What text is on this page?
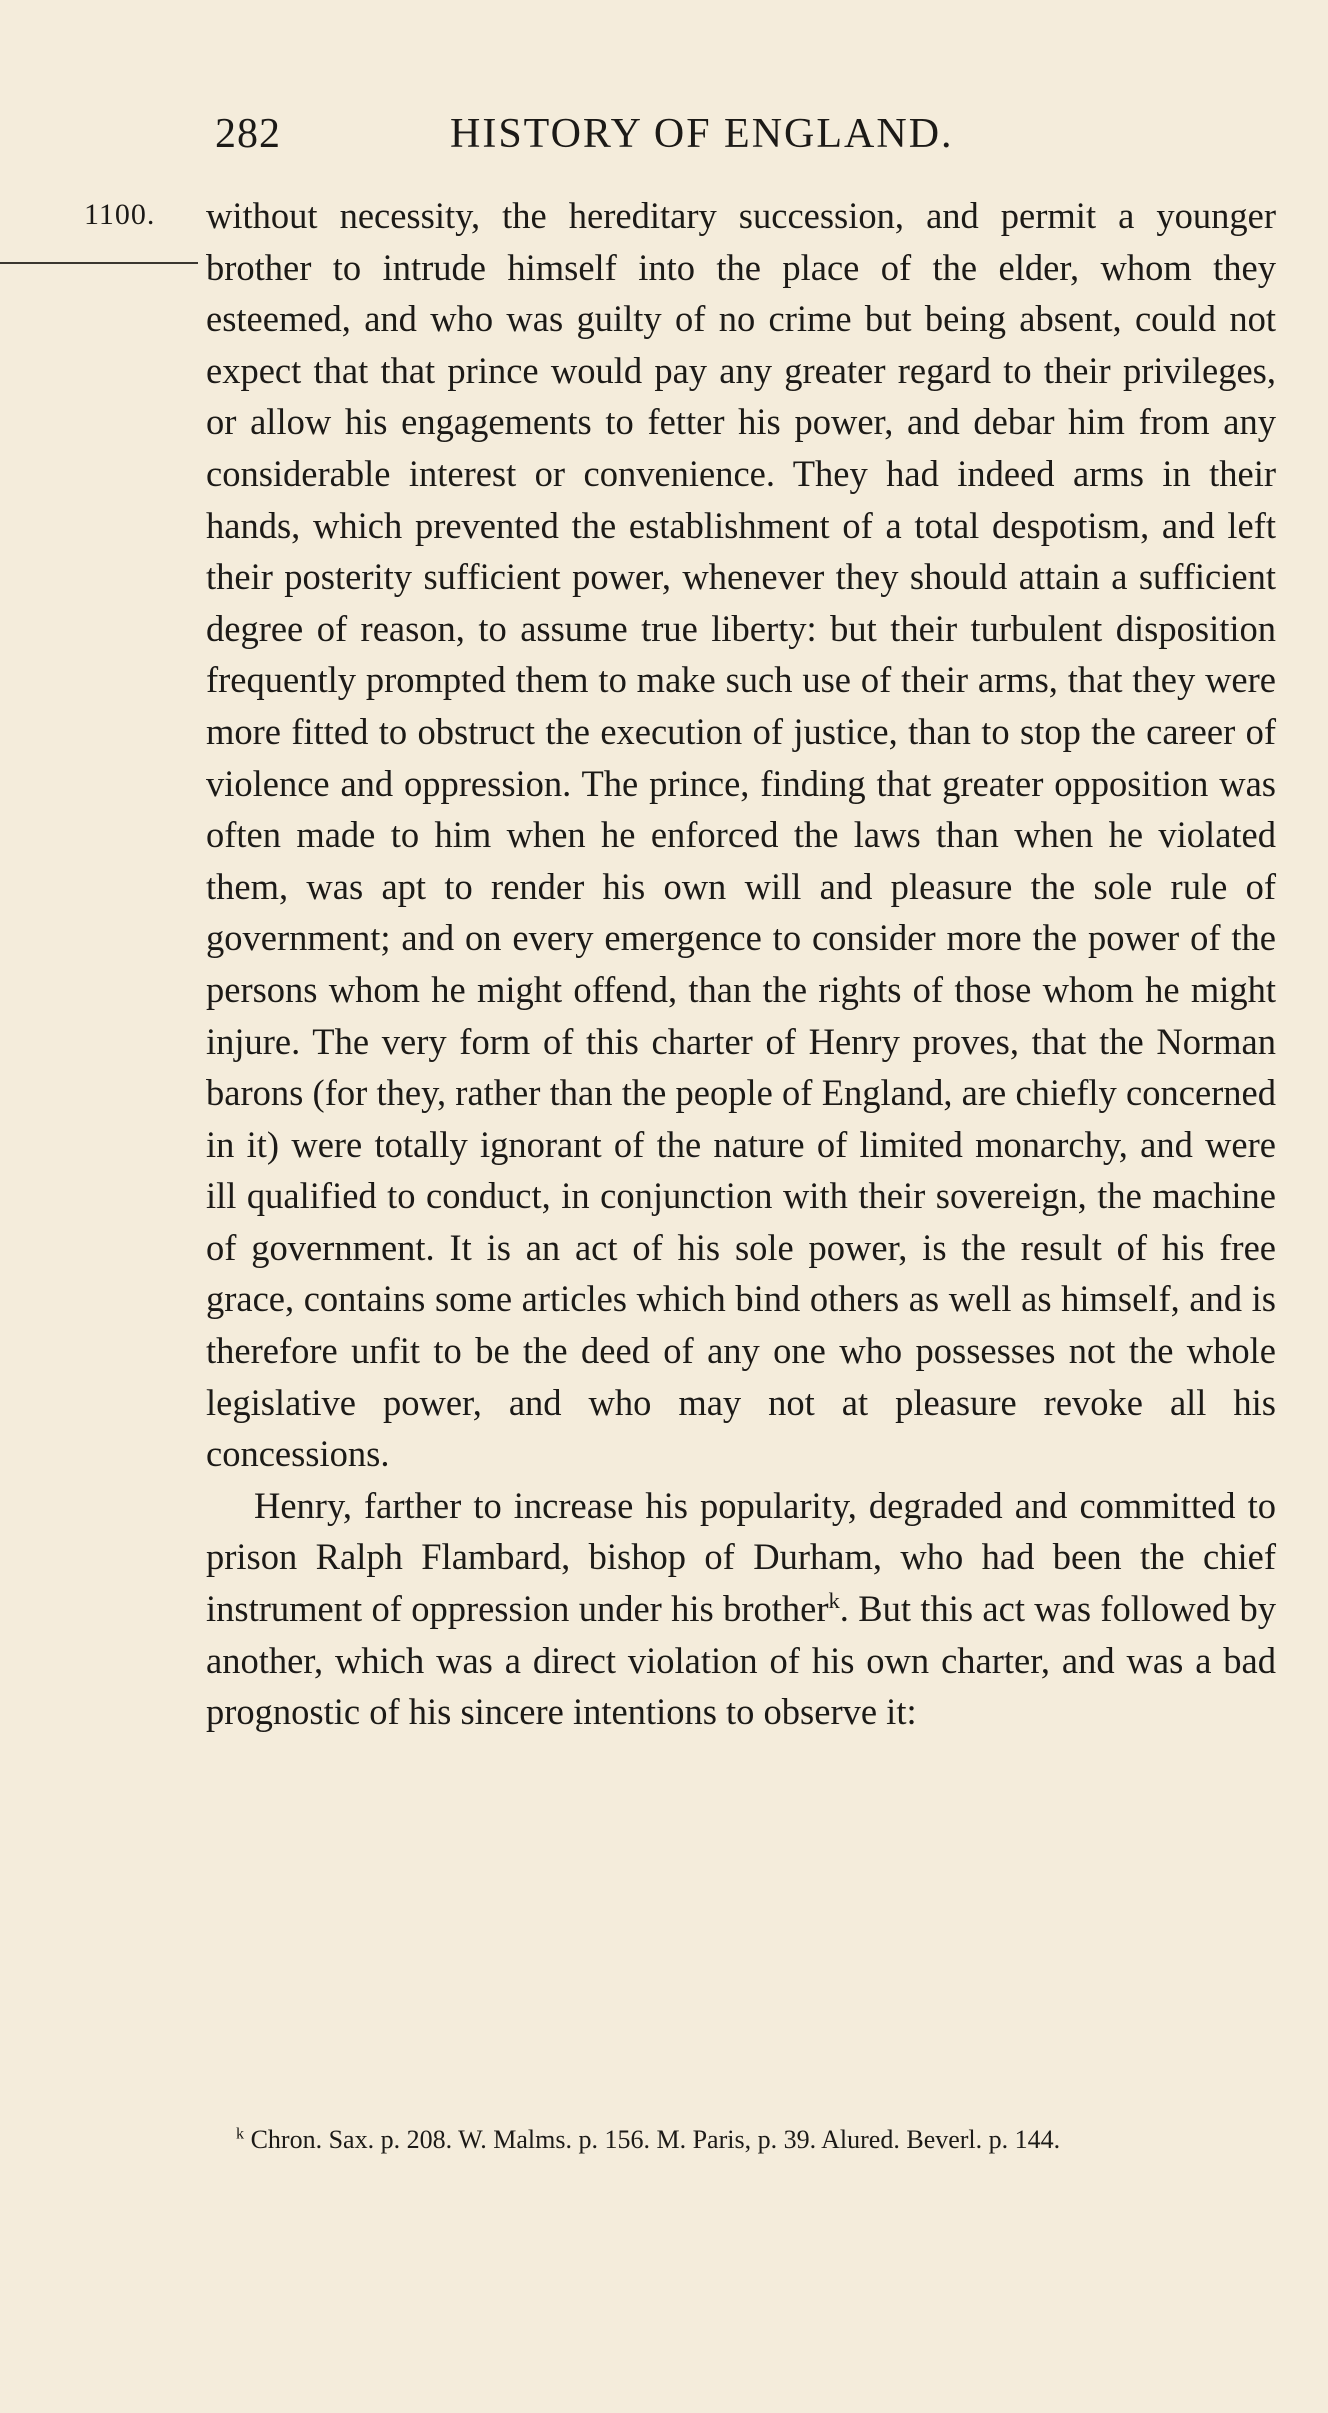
282	HISTORY OF ENGLAND.
1100. without necessity, the hereditary succession, and permit a younger brother to intrude himself into the place of the elder, whom they esteemed, and who was guilty of no crime but being absent, could not expect that that prince would pay any greater regard to their privileges, or allow his engagements to fetter his power, and debar him from any considerable interest or convenience. They had indeed arms in their hands, which prevented the establishment of a total despotism, and left their posterity sufficient power, whenever they should attain a sufficient degree of reason, to assume true liberty: but their turbulent disposition frequently prompted them to make such use of their arms, that they were more fitted to obstruct the execution of justice, than to stop the career of violence and oppression. The prince, finding that greater opposition was often made to him when he enforced the laws than when he violated them, was apt to render his own will and pleasure the sole rule of government; and on every emergence to consider more the power of the persons whom he might offend, than the rights of those whom he might injure. The very form of this charter of Henry proves, that the Norman barons (for they, rather than the people of England, are chiefly concerned in it) were totally ignorant of the nature of limited monarchy, and were ill qualified to conduct, in conjunction with their sovereign, the machine of government. It is an act of his sole power, is the result of his free grace, contains some articles which bind others as well as himself, and is therefore unfit to be the deed of any one who possesses not the whole legislative power, and who may not at pleasure revoke all his concessions.

Henry, farther to increase his popularity, degraded and committed to prison Ralph Flambard, bishop of Durham, who had been the chief instrument of oppression under his brother$^k$. But this act was followed by another, which was a direct violation of his own charter, and was a bad prognostic of his sincere intentions to observe it:

$^k$ Chron. Sax. p. 208. W. Malms. p. 156. M. Paris, p. 39. Alured. Beverl. p. 144.
